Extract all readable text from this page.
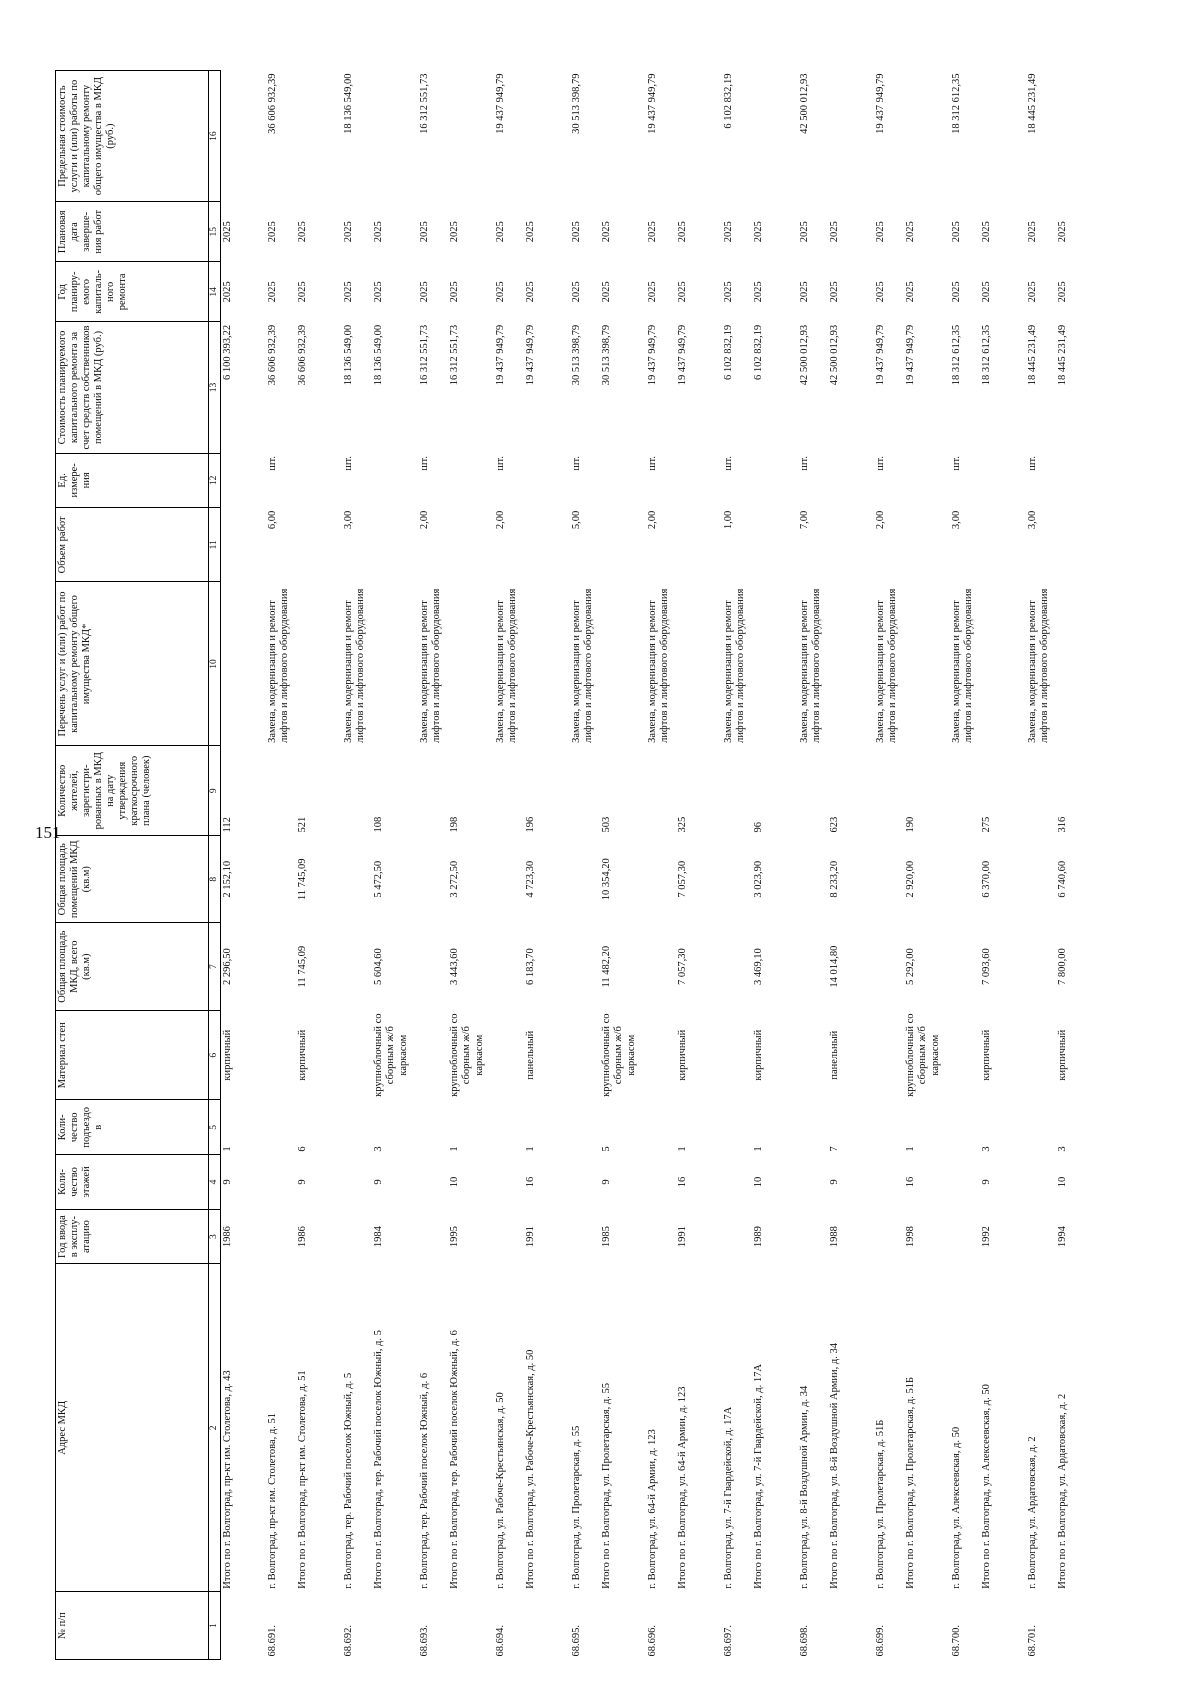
151
№ п/п	Адрес МКД	Год ввода в эксплу-атацию	Коли-чество этажей	Коли-чество подъездо в	Материал стен	Общая площадь МКД, всего (кв.м)	Общая площадь помещений МКД (кв.м)	Количество жителей, зарегистри-рованных в МКД на дату утверждения краткосрочного плана (человек)	Перечень услуг и (или) работ по капитальному ремонту общего имущества МКД*	Объем работ	Ед. измере-ния	Стоимость планируемого капитального ремонта за счет средств собственников помещений в МКД (руб.)	Год планиру-емого капиталь-ного ремонта	Плановая дата заверше-ния работ	Предельная стоимость услуги и (или) работы по капитальному ремонту общего имущества в МКД (руб.)

1	2	3	4	5	6	7	8	9	10	11	12	13	14	15	16
	Итого по г. Волгоград, пр-кт им. Столетова, д. 43	1986	9	1	кирпичный	2 296,50	2 152,10	112				6 100 393,22	2025	2025	
68.691.	г. Волгоград, пр-кт им. Столетова, д. 51								Замена, модернизация и ремонт лифтов и лифтового оборудования	6,00	шт.	36 606 932,39	2025	2025	36 606 932,39
	Итого по г. Волгоград, пр-кт им. Столетова, д. 51	1986	9	6	кирпичный	11 745,09	11 745,09	521				36 606 932,39	2025	2025	
68.692.	г. Волгоград, тер. Рабочий поселок Южный, д. 5								Замена, модернизация и ремонт лифтов и лифтового оборудования	3,00	шт.	18 136 549,00	2025	2025	18 136 549,00
	Итого по г. Волгоград, тер. Рабочий поселок Южный, д. 5	1984	9	3	крупноблочный со сборным ж/б каркасом	5 604,60	5 472,50	108				18 136 549,00	2025	2025	
68.693.	г. Волгоград, тер. Рабочий поселок Южный, д. 6								Замена, модернизация и ремонт лифтов и лифтового оборудования	2,00	шт.	16 312 551,73	2025	2025	16 312 551,73
	Итого по г. Волгоград, тер. Рабочий поселок Южный, д. 6	1995	10	1	крупноблочный со сборным ж/б каркасом	3 443,60	3 272,50	198				16 312 551,73	2025	2025	
68.694.	г. Волгоград, ул. Рабоче-Крестьянская, д. 50								Замена, модернизация и ремонт лифтов и лифтового оборудования	2,00	шт.	19 437 949,79	2025	2025	19 437 949,79
	Итого по г. Волгоград, ул. Рабоче-Крестьянская, д. 50	1991	16	1	панельный	6 183,70	4 723,30	196				19 437 949,79	2025	2025	
68.695.	г. Волгоград, ул. Пролетарская, д. 55								Замена, модернизация и ремонт лифтов и лифтового оборудования	5,00	шт.	30 513 398,79	2025	2025	30 513 398,79
	Итого по г. Волгоград, ул. Пролетарская, д. 55	1985	9	5	крупноблочный со сборным ж/б каркасом	11 482,20	10 354,20	503				30 513 398,79	2025	2025	
68.696.	г. Волгоград, ул. 64-й Армии, д. 123								Замена, модернизация и ремонт лифтов и лифтового оборудования	2,00	шт.	19 437 949,79	2025	2025	19 437 949,79
	Итого по г. Волгоград, ул. 64-й Армии, д. 123	1991	16	1	кирпичный	7 057,30	7 057,30	325				19 437 949,79	2025	2025	
68.697.	г. Волгоград, ул. 7-й Гвардейской, д. 17А								Замена, модернизация и ремонт лифтов и лифтового оборудования	1,00	шт.	6 102 832,19	2025	2025	6 102 832,19
	Итого по г. Волгоград, ул. 7-й Гвардейской, д. 17А	1989	10	1	кирпичный	3 469,10	3 023,90	96				6 102 832,19	2025	2025	
68.698.	г. Волгоград, ул. 8-й Воздушной Армии, д. 34								Замена, модернизация и ремонт лифтов и лифтового оборудования	7,00	шт.	42 500 012,93	2025	2025	42 500 012,93
	Итого по г. Волгоград, ул. 8-й Воздушной Армии, д. 34	1988	9	7	панельный	14 014,80	8 233,20	623				42 500 012,93	2025	2025	
68.699.	г. Волгоград, ул. Пролетарская, д. 51Б								Замена, модернизация и ремонт лифтов и лифтового оборудования	2,00	шт.	19 437 949,79	2025	2025	19 437 949,79
	Итого по г. Волгоград, ул. Пролетарская, д. 51Б	1998	16	1	крупноблочный со сборным ж/б каркасом	5 292,00	2 920,00	190				19 437 949,79	2025	2025	
68.700.	г. Волгоград, ул. Алексеевская, д. 50								Замена, модернизация и ремонт лифтов и лифтового оборудования	3,00	шт.	18 312 612,35	2025	2025	18 312 612,35
	Итого по г. Волгоград, ул. Алексеевская, д. 50	1992	9	3	кирпичный	7 093,60	6 370,00	275				18 312 612,35	2025	2025	
68.701.	г. Волгоград, ул. Ардатовская, д. 2								Замена, модернизация и ремонт лифтов и лифтового оборудования	3,00	шт.	18 445 231,49	2025	2025	18 445 231,49
	Итого по г. Волгоград, ул. Ардатовская, д. 2	1994	10	3	кирпичный	7 800,00	6 740,60	316				18 445 231,49	2025	2025	
